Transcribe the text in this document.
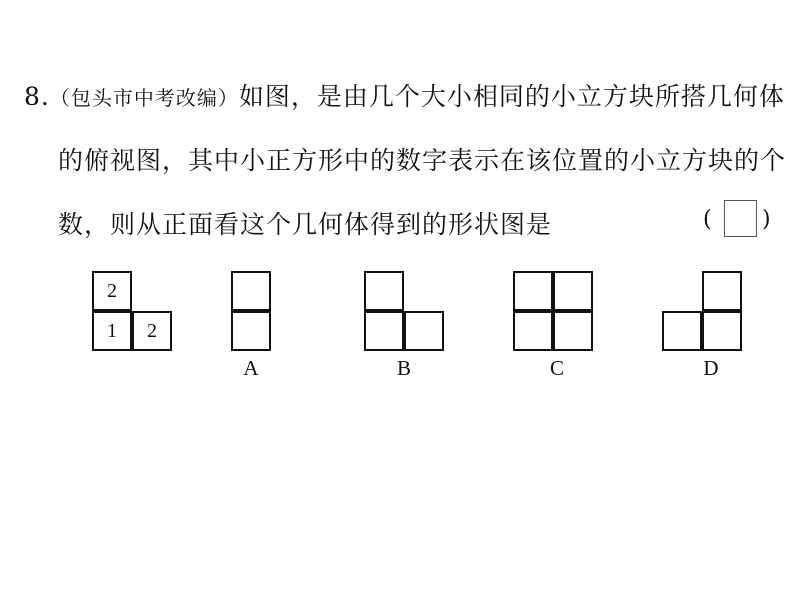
8.（包头市中考改编）如图，是由几个大小相同的小立方块所搭几何体
的俯视图，其中小正方形中的数字表示在该位置的小立方块的个
数，则从正面看这个几何体得到的形状图是	( )
2
1	2
A	B	C	D
